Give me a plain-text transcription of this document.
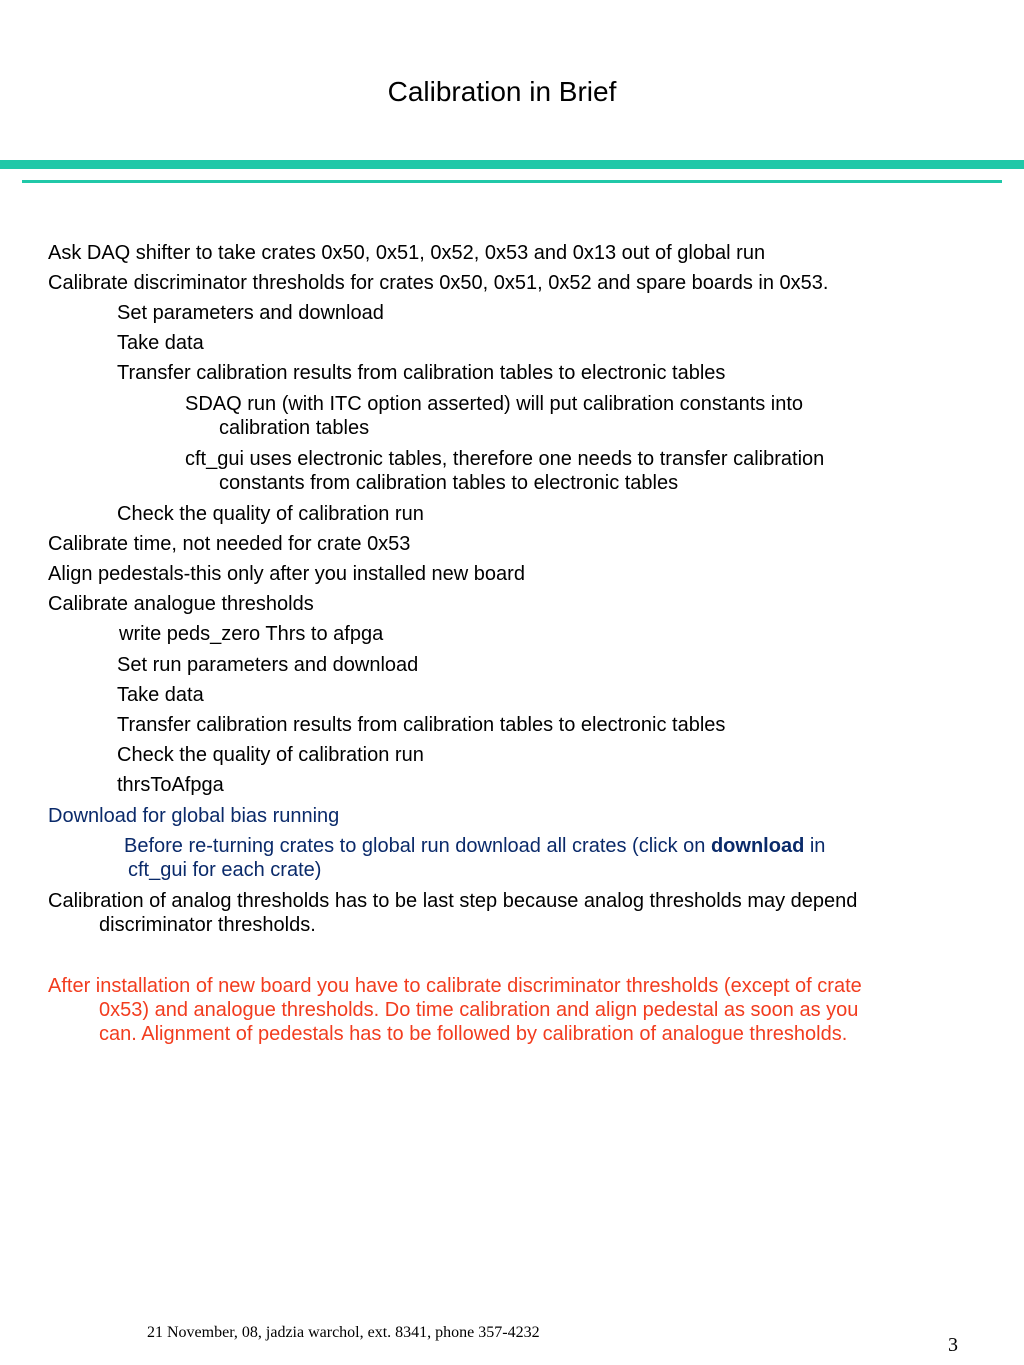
Calibration in Brief
Ask DAQ shifter to take crates 0x50, 0x51, 0x52, 0x53 and 0x13 out of global run
Calibrate discriminator thresholds for crates 0x50, 0x51, 0x52 and spare boards in 0x53.
Set parameters and download
Take data
Transfer calibration results from calibration tables to electronic tables
SDAQ run (with ITC option asserted) will put calibration constants into
calibration tables
cft_gui uses electronic tables, therefore one needs to transfer calibration
constants from calibration tables to electronic tables
Check the quality of calibration run
Calibrate time, not needed for crate 0x53
Align pedestals-this only after you installed new board
Calibrate analogue thresholds
write peds_zero Thrs to afpga
Set run parameters and download
Take data
Transfer calibration results from calibration tables to electronic tables
Check the quality of calibration run
thrsToAfpga
Download for global bias running
Before re-turning crates to global run download all crates (click on download in
cft_gui for each crate)
Calibration of analog thresholds has to be last step because analog thresholds may depend
discriminator thresholds.
After installation of new board you have to calibrate discriminator thresholds (except of crate
0x53) and analogue thresholds. Do time calibration and align pedestal as soon as you
can. Alignment of pedestals has to be followed by calibration of analogue thresholds.
21 November, 08, jadzia warchol, ext. 8341, phone 357-4232
3
